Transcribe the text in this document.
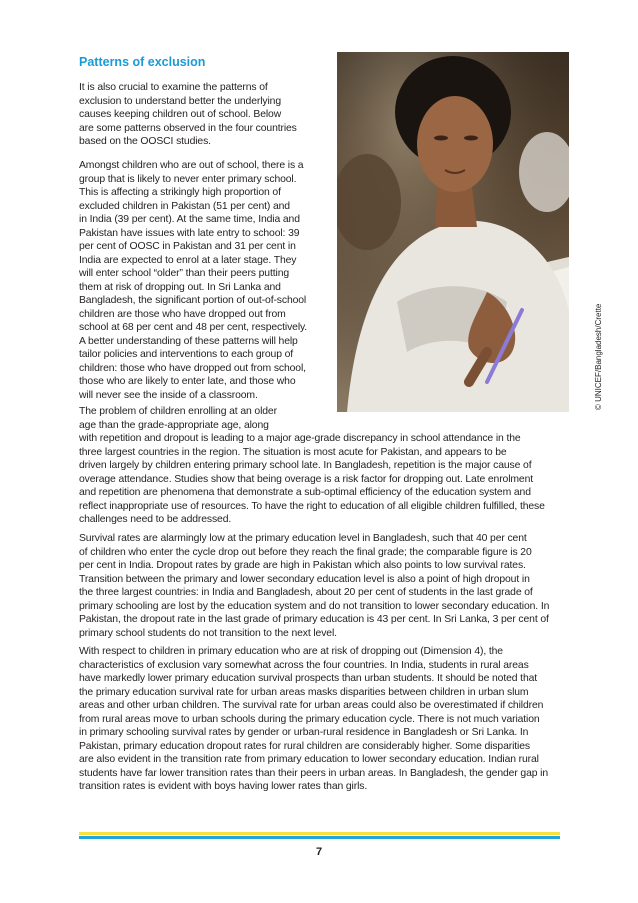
Patterns of exclusion
It is also crucial to examine the patterns of
exclusion to understand better the underlying
causes keeping children out of school. Below
are some patterns observed in the four countries
based on the OOSCI studies.
Amongst children who are out of school, there is a
group that is likely to never enter primary school.
This is affecting a strikingly high proportion of
excluded children in Pakistan (51 per cent) and
in India (39 per cent). At the same time, India and
Pakistan have issues with late entry to school: 39
per cent of OOSC in Pakistan and 31 per cent in
India are expected to enrol at a later stage. They
will enter school “older” than their peers putting
them at risk of dropping out. In Sri Lanka and
Bangladesh, the significant portion of out-of-school
children are those who have dropped out from
school at 68 per cent and 48 per cent, respectively.
A better understanding of these patterns will help
tailor policies and interventions to each group of
children: those who have dropped out from school,
those who are likely to enter late, and those who
will never see the inside of a classroom.
The problem of children enrolling at an older
age than the grade-appropriate age, along
with repetition and dropout is leading to a major age-grade discrepancy in school attendance in the
three largest countries in the region. The situation is most acute for Pakistan, and appears to be
driven largely by children entering primary school late. In Bangladesh, repetition is the major cause of
overage attendance. Studies show that being overage is a risk factor for dropping out. Late enrolment
and repetition are phenomena that demonstrate a sub-optimal efficiency of the education system and
reflect inappropriate use of resources. To have the right to education of all eligible children fulfilled, these
challenges need to be addressed.
Survival rates are alarmingly low at the primary education level in Bangladesh, such that 40 per cent
of children who enter the cycle drop out before they reach the final grade; the comparable figure is 20
per cent in India. Dropout rates by grade are high in Pakistan which also points to low survival rates.
Transition between the primary and lower secondary education level is also a point of high dropout in
the three largest countries: in India and Bangladesh, about 20 per cent of students in the last grade of
primary schooling are lost by the education system and do not transition to lower secondary education. In
Pakistan, the dropout rate in the last grade of primary education is 43 per cent. In Sri Lanka, 3 per cent of
primary school students do not transition to the next level.
With respect to children in primary education who are at risk of dropping out (Dimension 4), the
characteristics of exclusion vary somewhat across the four countries. In India, students in rural areas
have markedly lower primary education survival prospects than urban students. It should be noted that
the primary education survival rate for urban areas masks disparities between children in urban slum
areas and other urban children. The survival rate for urban areas could also be overestimated if children
from rural areas move to urban schools during the primary education cycle. There is not much variation
in primary schooling survival rates by gender or urban-rural residence in Bangladesh or Sri Lanka. In
Pakistan, primary education dropout rates for rural children are considerably higher. Some disparities
are also evident in the transition rate from primary education to lower secondary education. Indian rural
students have far lower transition rates than their peers in urban areas. In Bangladesh, the gender gap in
transition rates is evident with boys having lower rates than girls.
© UNICEF/Bangladesh/Crette
7
